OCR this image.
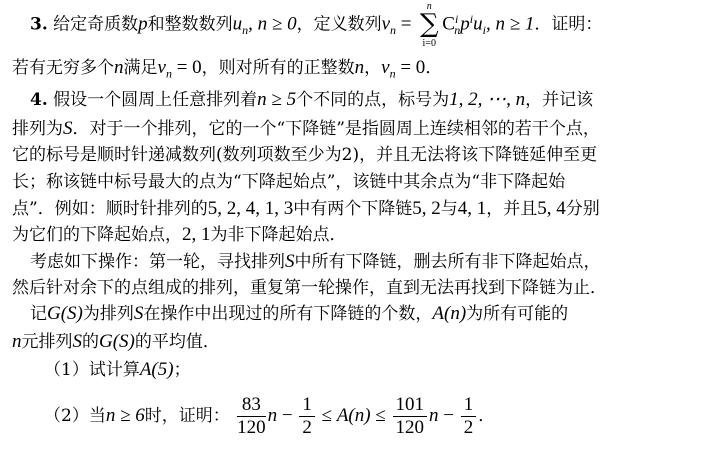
3. 给定奇质数p和整数数列$u_n$, n ≥ 0，定义数列$v_n$ =
n
∑
i=0
$C^i_np^iu_i$, n ≥ 1．证明：
若有无穷多个n满足$v_n = 0$，则对所有的正整数n，$v_n = 0$．
4. 假设一个圆周上任意排列着n ≥ 5个不同的点，标号为1, 2, ⋯, n，并记该
排列为S．对于一个排列，它的一个“下降链”是指圆周上连续相邻的若干个点，
它的标号是顺时针递减数列(数列项数至少为2)，并且无法将该下降链延伸至更
长；称该链中标号最大的点为“下降起始点”，该链中其余点为“非下降起始
点”．例如：顺时针排列的5, 2, 4, 1, 3中有两个下降链5, 2与4, 1，并且5, 4分别
为它们的下降起始点，2, 1为非下降起始点．
考虑如下操作：第一轮，寻找排列S中所有下降链，删去所有非下降起始点，
然后针对余下的点组成的排列，重复第一轮操作，直到无法再找到下降链为止．
记G(S)为排列S在操作中出现过的所有下降链的个数，A(n)为所有可能的
n元排列S的G(S)的平均值．
（1）试计算A(5)；
（2）当n ≥ 6时，证明： $\frac{83}{120}$ $n - \frac{1}{2} \le A(n) \le \frac{101}{120}$ $n - \frac{1}{2}$ ．
